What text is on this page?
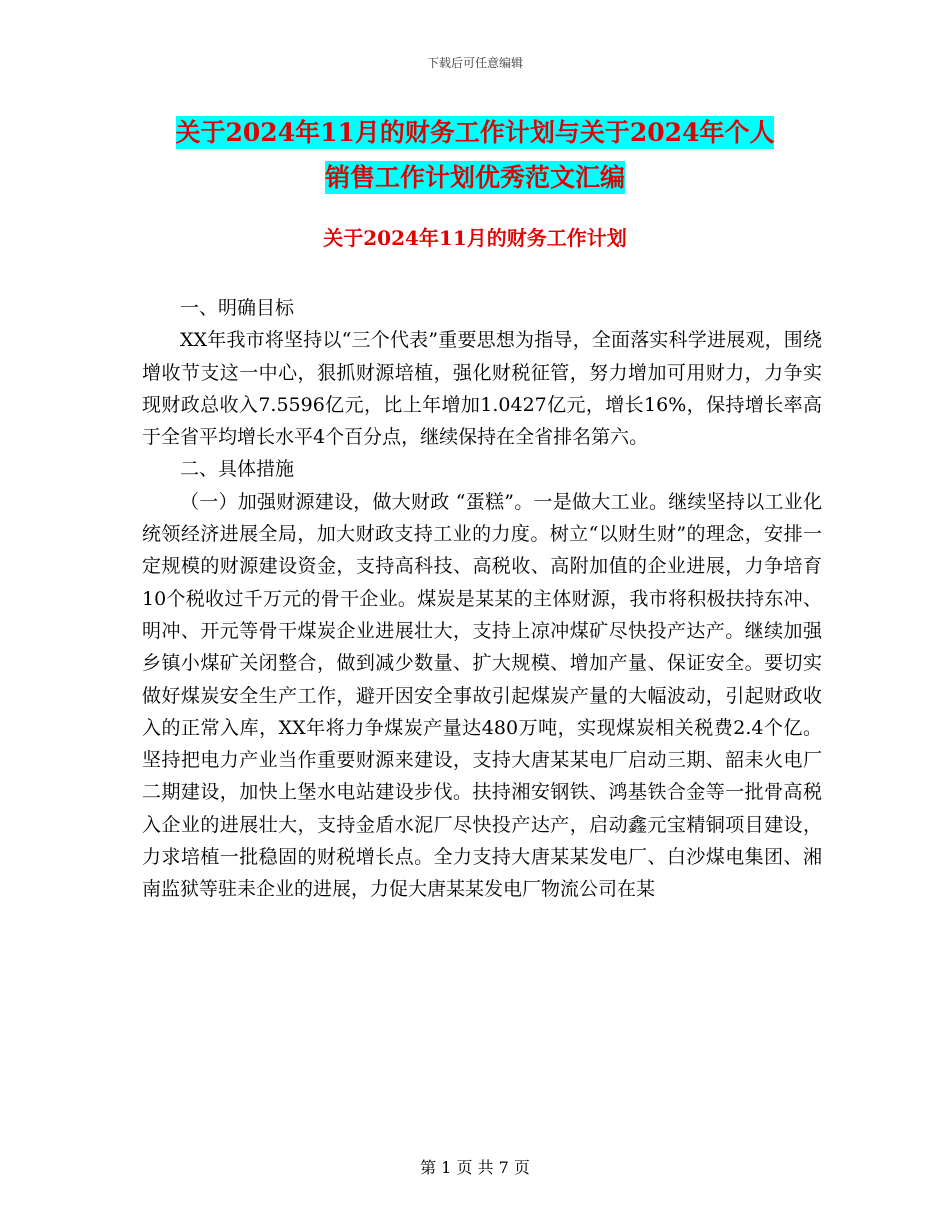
下载后可任意编辑
关于2024年11月的财务工作计划与关于2024年个人
销售工作计划优秀范文汇编
关于2024年11月的财务工作计划

一、明确目标

XX年我市将坚持以“三个代表”重要思想为指导，全面落实科学进展观，围绕增收节支这一中心，狠抓财源培植，强化财税征管，努力增加可用财力，力争实现财政总收入7.5596亿元，比上年增加1.0427亿元，增长16%，保持增长率高于全省平均增长水平4个百分点，继续保持在全省排名第六。

二、具体措施

（一）加强财源建设，做大财政 “蛋糕”。一是做大工业。继续坚持以工业化统领经济进展全局，加大财政支持工业的力度。树立“以财生财”的理念，安排一定规模的财源建设资金，支持高科技、高税收、高附加值的企业进展，力争培育10个税收过千万元的骨干企业。煤炭是某某的主体财源，我市将积极扶持东冲、明冲、开元等骨干煤炭企业进展壮大，支持上凉冲煤矿尽快投产达产。继续加强乡镇小煤矿关闭整合，做到减少数量、扩大规模、增加产量、保证安全。要切实做好煤炭安全生产工作，避开因安全事故引起煤炭产量的大幅波动，引起财政收入的正常入库，XX年将力争煤炭产量达480万吨，实现煤炭相关税费2.4个亿。坚持把电力产业当作重要财源来建设，支持大唐某某电厂启动三期、韶耒火电厂二期建设，加快上堡水电站建设步伐。扶持湘安钢铁、鸿基铁合金等一批骨高税入企业的进展壮大，支持金盾水泥厂尽快投产达产，启动鑫元宝精铜项目建设，力求培植一批稳固的财税增长点。全力支持大唐某某发电厂、白沙煤电集团、湘南监狱等驻耒企业的进展，力促大唐某某发电厂物流公司在某

第 1 页 共 7 页
